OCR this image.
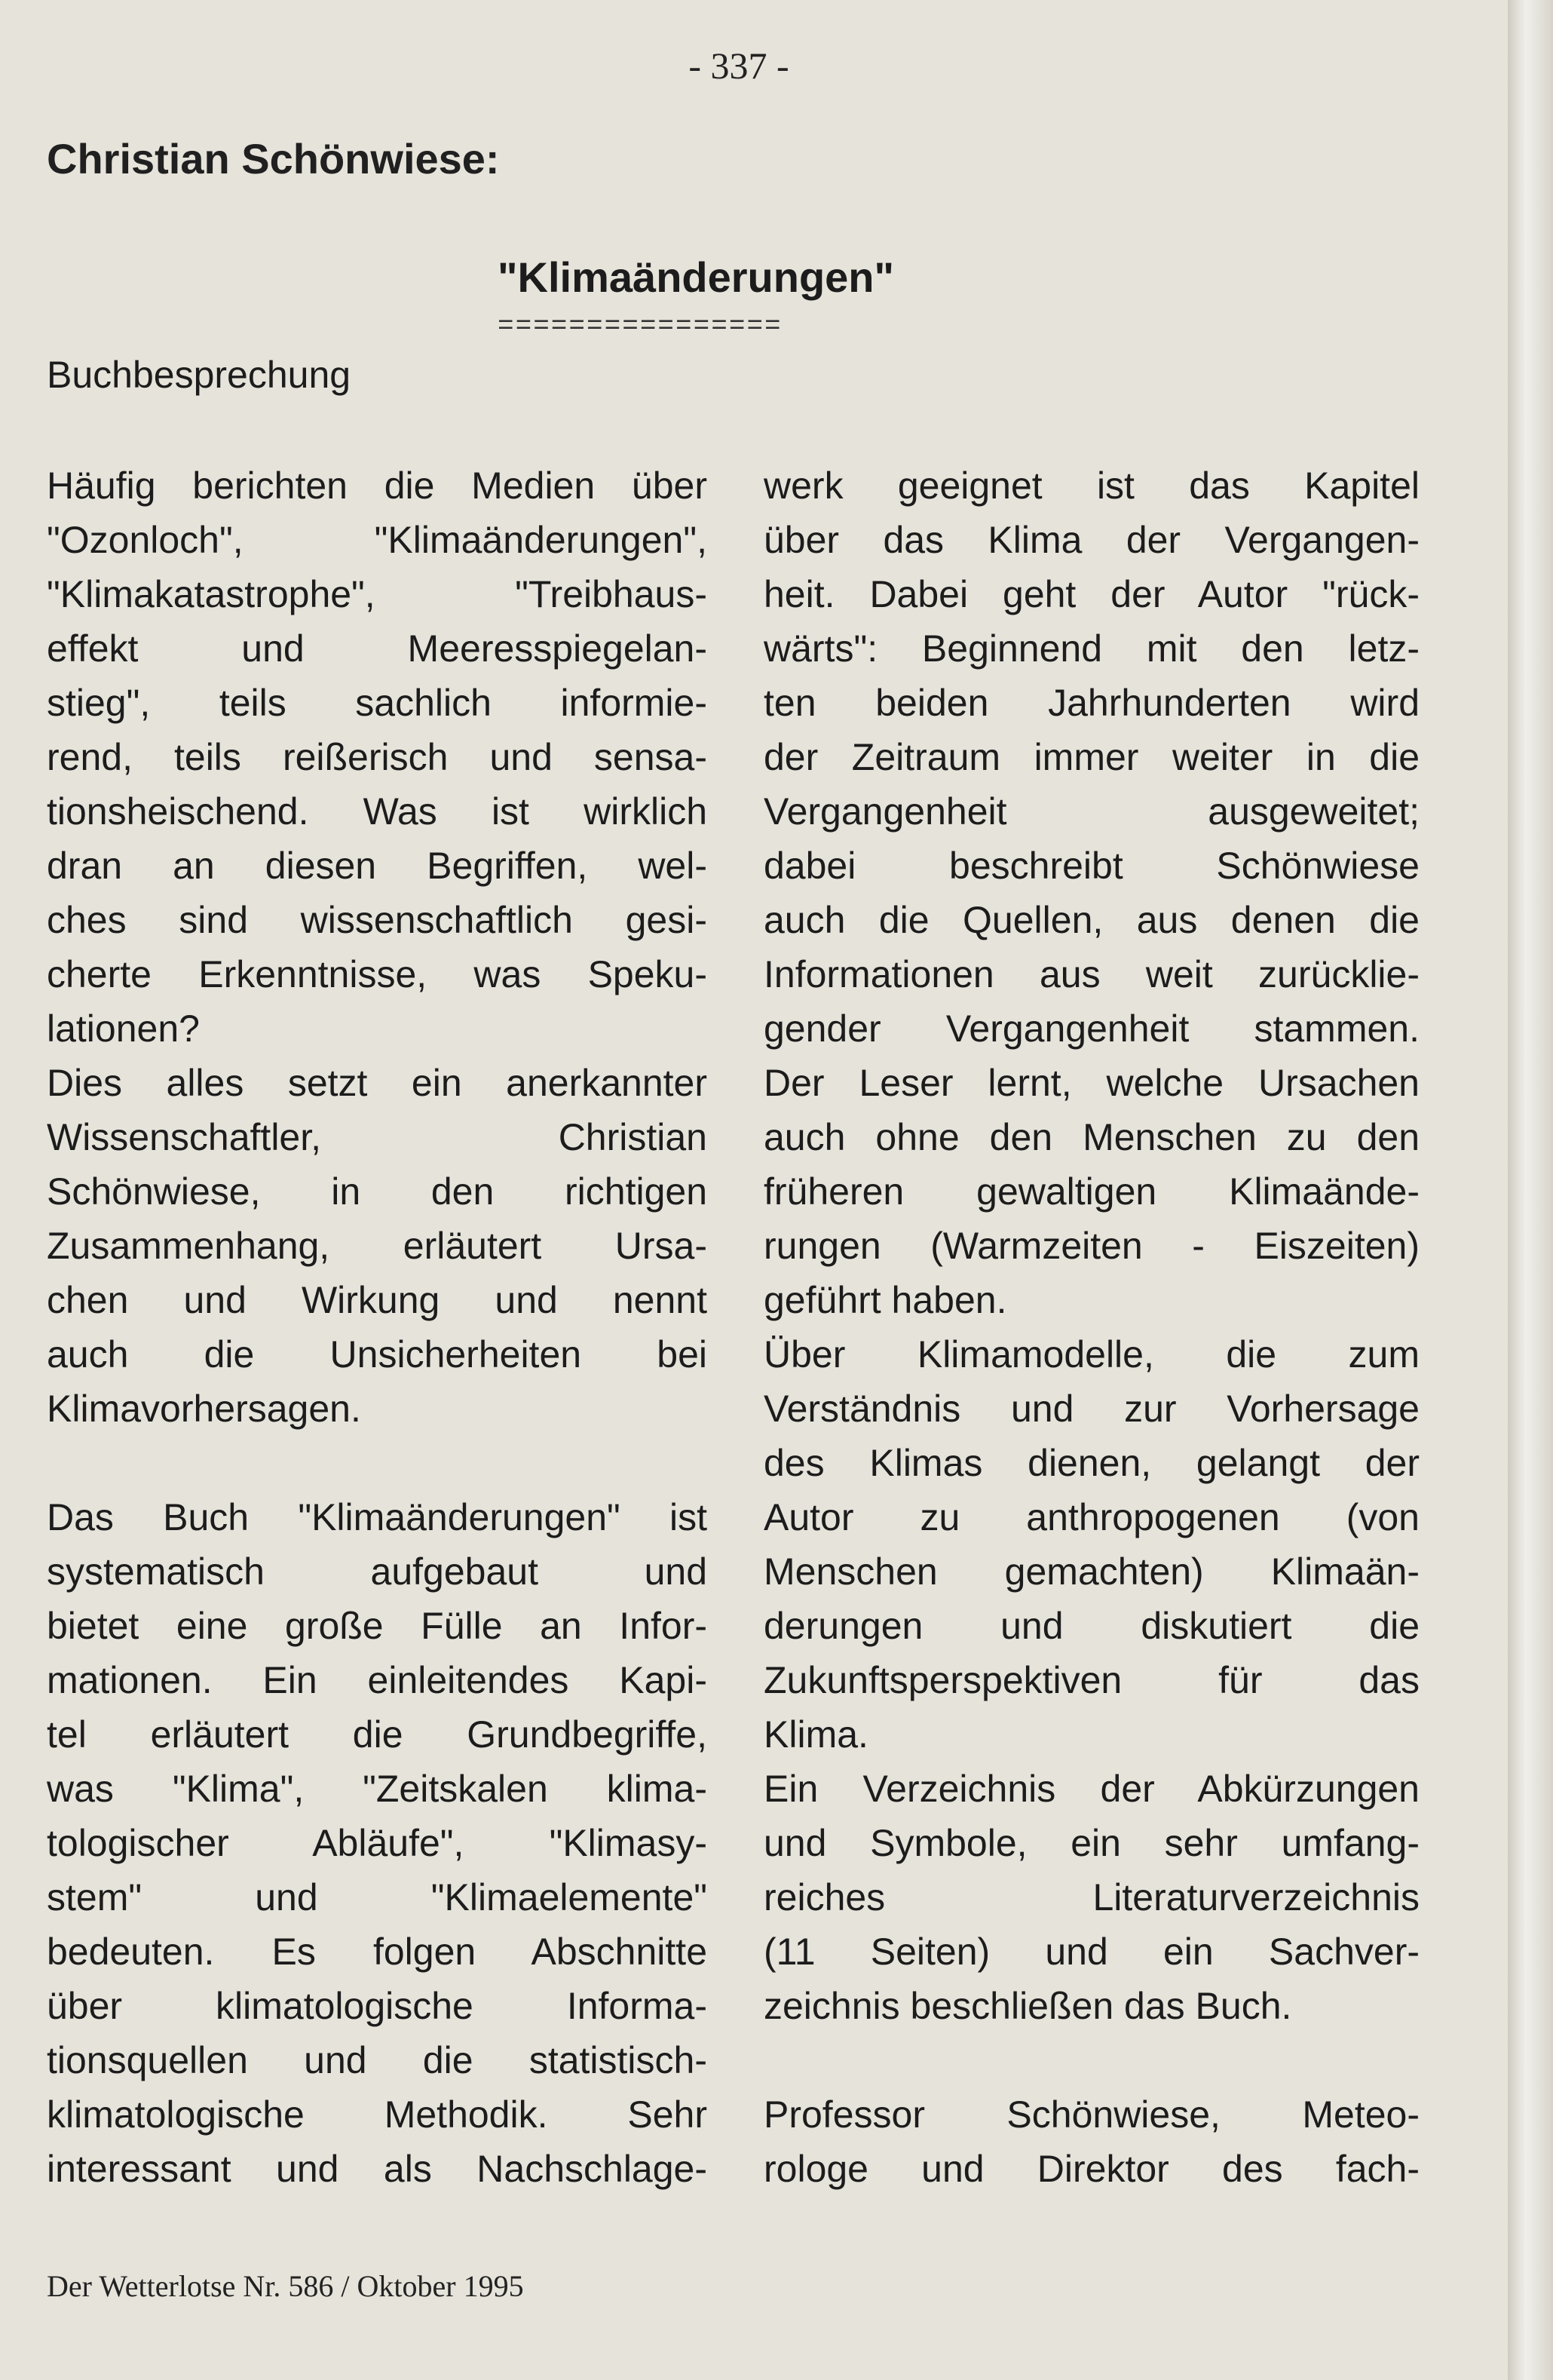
- 337 -
Christian Schönwiese:
"Klimaänderungen"
================
Buchbesprechung
Häufig berichten die Medien über
"Ozonloch", "Klimaänderungen",
"Klimakatastrophe", "Treibhaus-
effekt und Meeresspiegelan-
stieg", teils sachlich informie-
rend, teils reißerisch und sensa-
tionsheischend. Was ist wirklich
dran an diesen Begriffen, wel-
ches sind wissenschaftlich gesi-
cherte Erkenntnisse, was Speku-
lationen?
Dies alles setzt ein anerkannter
Wissenschaftler, Christian
Schönwiese, in den richtigen
Zusammenhang, erläutert Ursa-
chen und Wirkung und nennt
auch die Unsicherheiten bei
Klimavorhersagen.
Das Buch "Klimaänderungen" ist
systematisch aufgebaut und
bietet eine große Fülle an Infor-
mationen. Ein einleitendes Kapi-
tel erläutert die Grundbegriffe,
was "Klima", "Zeitskalen klima-
tologischer Abläufe", "Klimasy-
stem" und "Klimaelemente"
bedeuten. Es folgen Abschnitte
über klimatologische Informa-
tionsquellen und die statistisch-
klimatologische Methodik. Sehr
interessant und als Nachschlage-
werk geeignet ist das Kapitel
über das Klima der Vergangen-
heit. Dabei geht der Autor "rück-
wärts": Beginnend mit den letz-
ten beiden Jahrhunderten wird
der Zeitraum immer weiter in die
Vergangenheit ausgeweitet;
dabei beschreibt Schönwiese
auch die Quellen, aus denen die
Informationen aus weit zurücklie-
gender Vergangenheit stammen.
Der Leser lernt, welche Ursachen
auch ohne den Menschen zu den
früheren gewaltigen Klimaände-
rungen (Warmzeiten - Eiszeiten)
geführt haben.
Über Klimamodelle, die zum
Verständnis und zur Vorhersage
des Klimas dienen, gelangt der
Autor zu anthropogenen (von
Menschen gemachten) Klimaän-
derungen und diskutiert die
Zukunftsperspektiven für das
Klima.
Ein Verzeichnis der Abkürzungen
und Symbole, ein sehr umfang-
reiches Literaturverzeichnis
(11 Seiten) und ein Sachver-
zeichnis beschließen das Buch.
Professor Schönwiese, Meteo-
rologe und Direktor des fach-
Der Wetterlotse Nr. 586 / Oktober 1995
